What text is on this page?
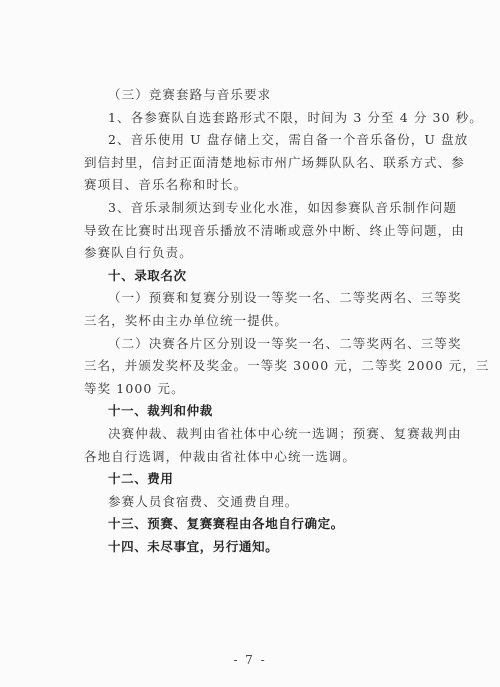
（三）竞赛套路与音乐要求
1、各参赛队自选套路形式不限，时间为 3 分至 4 分 30 秒。
2、音乐使用 U 盘存储上交，需自备一个音乐备份，U 盘放
到信封里，信封正面清楚地标市州广场舞队队名、联系方式、参
赛项目、音乐名称和时长。
3、音乐录制须达到专业化水准，如因参赛队音乐制作问题
导致在比赛时出现音乐播放不清晰或意外中断、终止等问题，由
参赛队自行负责。
十、录取名次
（一）预赛和复赛分别设一等奖一名、二等奖两名、三等奖
三名，奖杯由主办单位统一提供。
（二）决赛各片区分别设一等奖一名、二等奖两名、三等奖
三名，并颁发奖杯及奖金。一等奖 3000 元，二等奖 2000 元，三
等奖 1000 元。
十一、裁判和仲裁
决赛仲裁、裁判由省社体中心统一选调；预赛、复赛裁判由
各地自行选调，仲裁由省社体中心统一选调。
十二、费用
参赛人员食宿费、交通费自理。
十三、预赛、复赛赛程由各地自行确定。
十四、未尽事宜，另行通知。
- 7 -
